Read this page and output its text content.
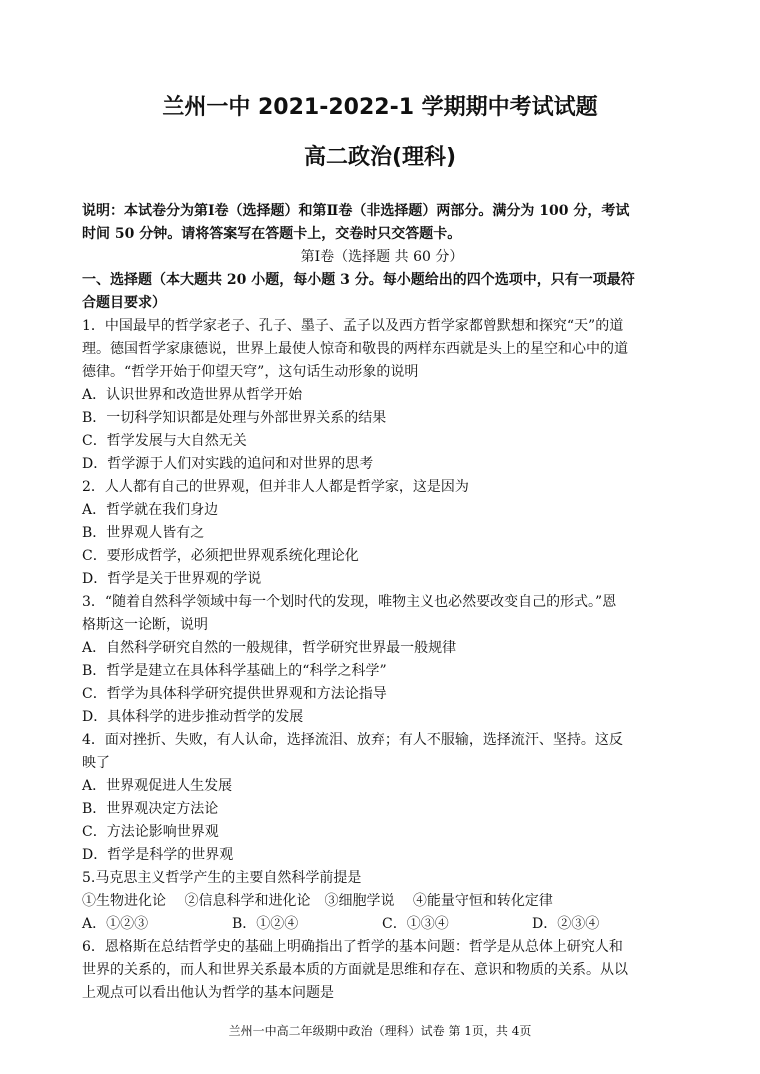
兰州一中 2021-2022-1 学期期中考试试题
高二政治(理科)

说明：本试卷分为第Ⅰ卷（选择题）和第Ⅱ卷（非选择题）两部分。满分为 100 分，考试

时间 50 分钟。请将答案写在答题卡上，交卷时只交答题卡。

第Ⅰ卷（选择题 共 60 分）

一、选择题（本大题共 20 小题，每小题 3 分。每小题给出的四个选项中，只有一项最符

合题目要求）

1．中国最早的哲学家老子、孔子、墨子、孟子以及西方哲学家都曾默想和探究“天”的道

理。德国哲学家康德说，世界上最使人惊奇和敬畏的两样东西就是头上的星空和心中的道

德律。“哲学开始于仰望天穹”，这句话生动形象的说明

A．认识世界和改造世界从哲学开始

B．一切科学知识都是处理与外部世界关系的结果

C．哲学发展与大自然无关

D．哲学源于人们对实践的追问和对世界的思考

2．人人都有自己的世界观，但并非人人都是哲学家，这是因为

A．哲学就在我们身边

B．世界观人皆有之

C．要形成哲学，必须把世界观系统化理论化

D．哲学是关于世界观的学说

3．“随着自然科学领域中每一个划时代的发现，唯物主义也必然要改变自己的形式。”恩

格斯这一论断，说明

A．自然科学研究自然的一般规律，哲学研究世界最一般规律

B．哲学是建立在具体科学基础上的“科学之科学”

C．哲学为具体科学研究提供世界观和方法论指导

D．具体科学的进步推动哲学的发展

4．面对挫折、失败，有人认命，选择流泪、放弃；有人不服输，选择流汗、坚持。这反

映了

A．世界观促进人生发展

B．世界观决定方法论

C．方法论影响世界观

D．哲学是科学的世界观

5.马克思主义哲学产生的主要自然科学前提是

①生物进化论　 ②信息科学和进化论　③细胞学说　 ④能量守恒和转化定律

A．①②③	B．①②④	C．①③④	D．②③④

6．恩格斯在总结哲学史的基础上明确指出了哲学的基本问题：哲学是从总体上研究人和

世界的关系的，而人和世界关系最本质的方面就是思维和存在、意识和物质的关系。从以

上观点可以看出他认为哲学的基本问题是

兰州一中高二年级期中政治（理科）试卷 第 1页，共 4页
